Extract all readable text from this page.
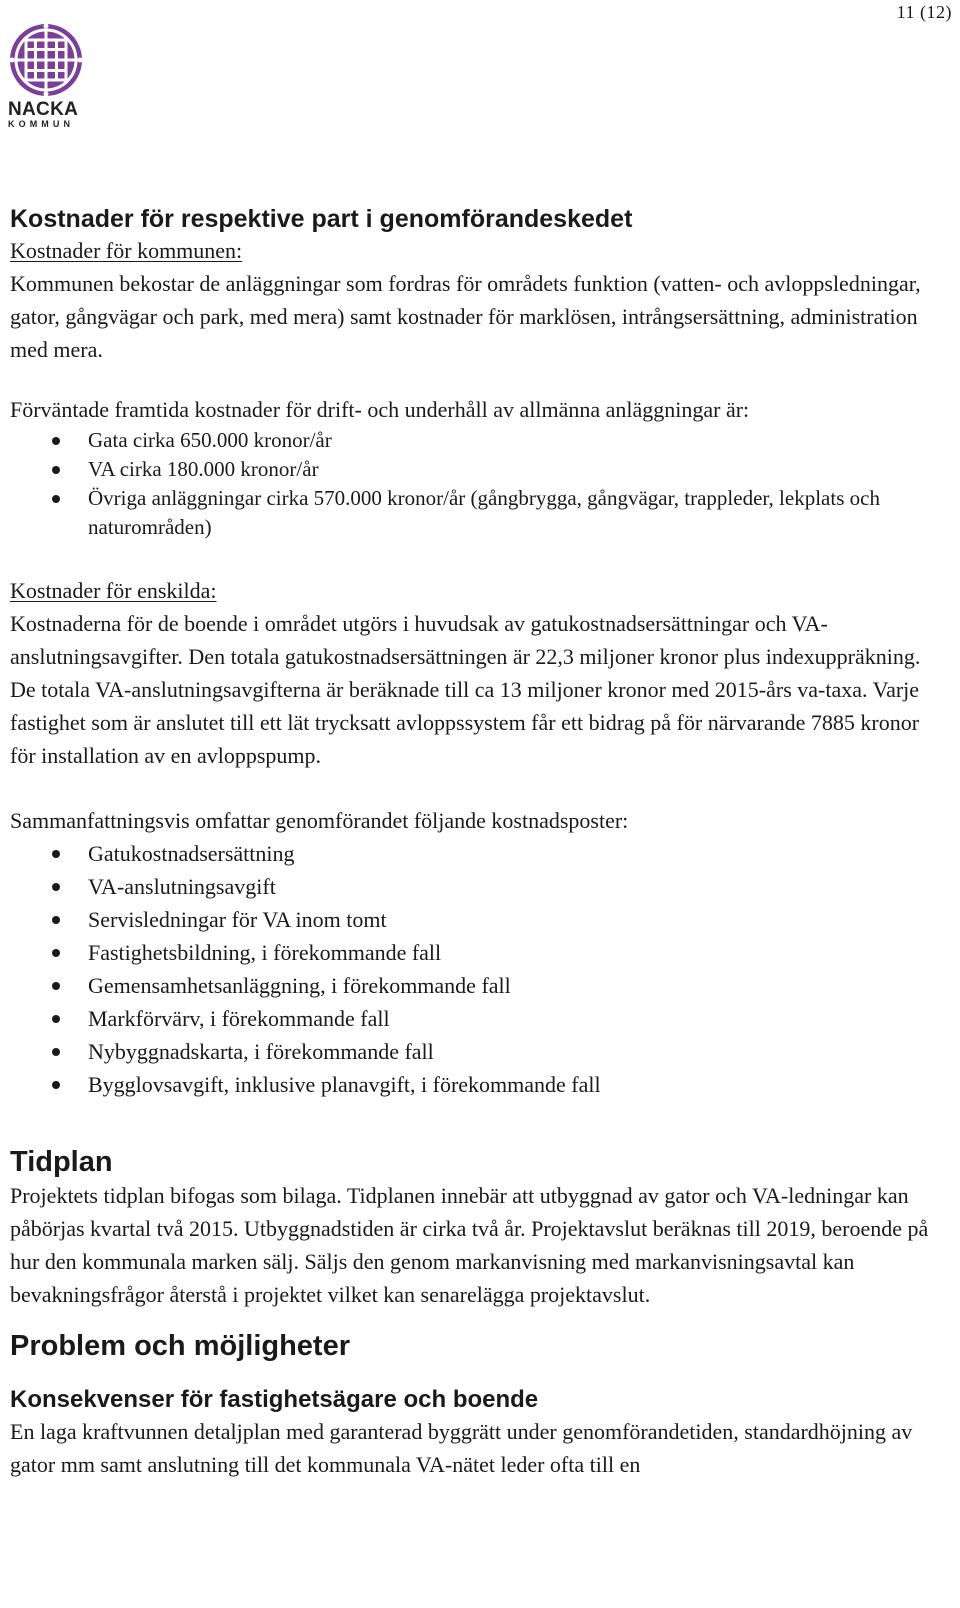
11 (12)
NACKA
KOMMUN
Kostnader för respektive part i genomförandeskedet

Kostnader för kommunen:

Kommunen bekostar de anläggningar som fordras för områdets funktion (vatten- och avloppsledningar, gator, gångvägar och park, med mera) samt kostnader för marklösen, intrångsersättning, administration med mera.

Förväntade framtida kostnader för drift- och underhåll av allmänna anläggningar är:

Gata cirka 650.000 kronor/år
VA cirka 180.000 kronor/år
Övriga anläggningar cirka 570.000 kronor/år (gångbrygga, gångvägar, trappleder, lekplats och naturområden)

Kostnader för enskilda:

Kostnaderna för de boende i området utgörs i huvudsak av gatukostnadsersättningar och VA-anslutningsavgifter. Den totala gatukostnadsersättningen är 22,3 miljoner kronor plus indexuppräkning. De totala VA-anslutningsavgifterna är beräknade till ca 13 miljoner kronor med 2015-års va-taxa. Varje fastighet som är anslutet till ett lät trycksatt avloppssystem får ett bidrag på för närvarande 7885 kronor för installation av en avloppspump.

Sammanfattningsvis omfattar genomförandet följande kostnadsposter:

Gatukostnadsersättning
VA-anslutningsavgift
Servisledningar för VA inom tomt
Fastighetsbildning, i förekommande fall
Gemensamhetsanläggning, i förekommande fall
Markförvärv, i förekommande fall
Nybyggnadskarta, i förekommande fall
Bygglovsavgift, inklusive planavgift, i förekommande fall
Tidplan

Projektets tidplan bifogas som bilaga. Tidplanen innebär att utbyggnad av gator och VA-ledningar kan påbörjas kvartal två 2015. Utbyggnadstiden är cirka två år. Projektavslut beräknas till 2019, beroende på hur den kommunala marken sälj. Säljs den genom markanvisning med markanvisningsavtal kan bevakningsfrågor återstå i projektet vilket kan senarelägga projektavslut.

Problem och möjligheter
Konsekvenser för fastighetsägare och boende

En laga kraftvunnen detaljplan med garanterad byggrätt under genomförandetiden, standardhöjning av gator mm samt anslutning till det kommunala VA-nätet leder ofta till en
